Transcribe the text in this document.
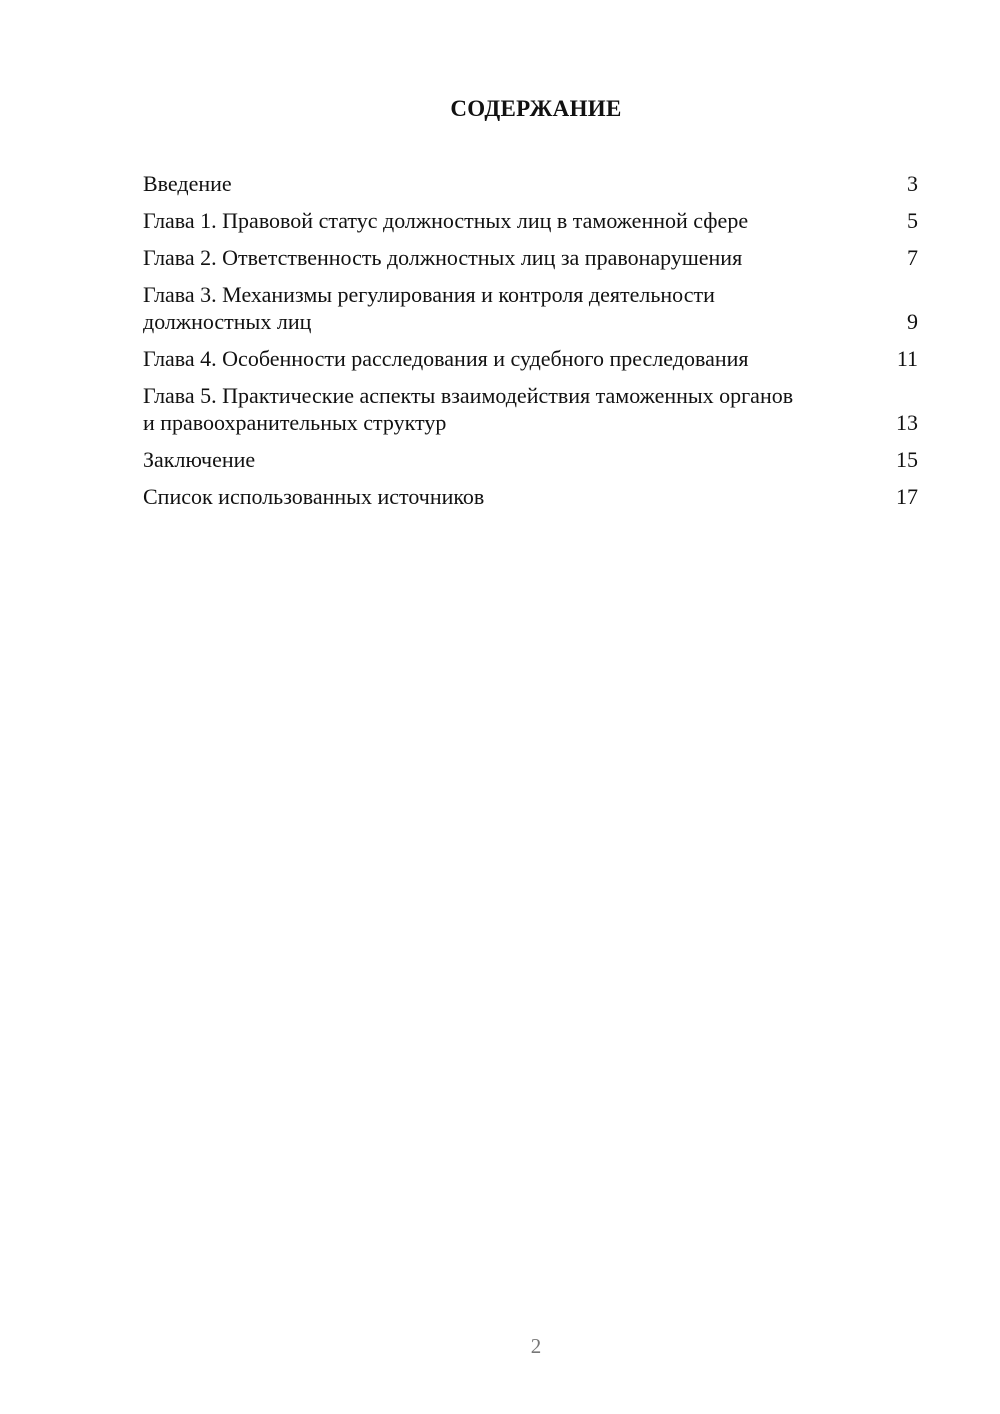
СОДЕРЖАНИЕ
Введение	3
Глава 1. Правовой статус должностных лиц в таможенной сфере	5
Глава 2. Ответственность должностных лиц за правонарушения	7
Глава 3. Механизмы регулирования и контроля деятельности должностных лиц	9
Глава 4. Особенности расследования и судебного преследования	11
Глава 5. Практические аспекты взаимодействия таможенных органов и правоохранительных структур	13
Заключение	15
Список использованных источников	17
2
